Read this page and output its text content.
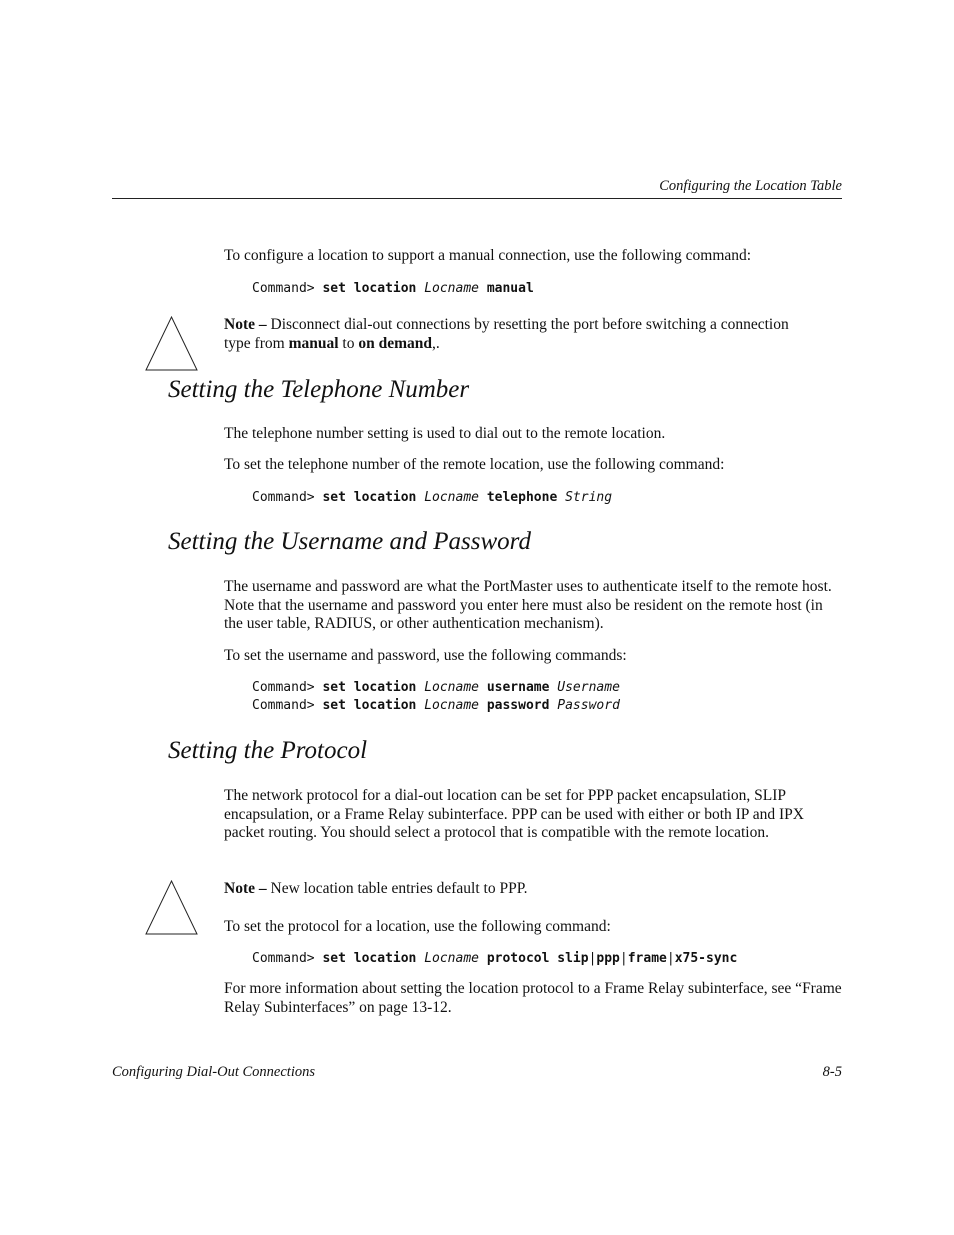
Configuring the Location Table

To configure a location to support a manual connection, use the following command:

Command> set location Locname manual

Note – Disconnect dial-out connections by resetting the port before switching a connection type from manual to on demand,.

Setting the Telephone Number

The telephone number setting is used to dial out to the remote location.

To set the telephone number of the remote location, use the following command:

Command> set location Locname telephone String
Setting the Username and Password

The username and password are what the PortMaster uses to authenticate itself to the remote host. Note that the username and password you enter here must also be resident on the remote host (in the user table, RADIUS, or other authentication mechanism).

To set the username and password, use the following commands:

Command> set location Locname username Username
Command> set location Locname password Password
Setting the Protocol

The network protocol for a dial-out location can be set for PPP packet encapsulation, SLIP encapsulation, or a Frame Relay subinterface. PPP can be used with either or both IP and IPX packet routing. You should select a protocol that is compatible with the remote location.

Note – New location table entries default to PPP.

To set the protocol for a location, use the following command:

Command> set location Locname protocol slip|ppp|frame|x75-sync

For more information about setting the location protocol to a Frame Relay subinterface, see “Frame Relay Subinterfaces” on page 13-12.

Configuring Dial-Out Connections	8-5
